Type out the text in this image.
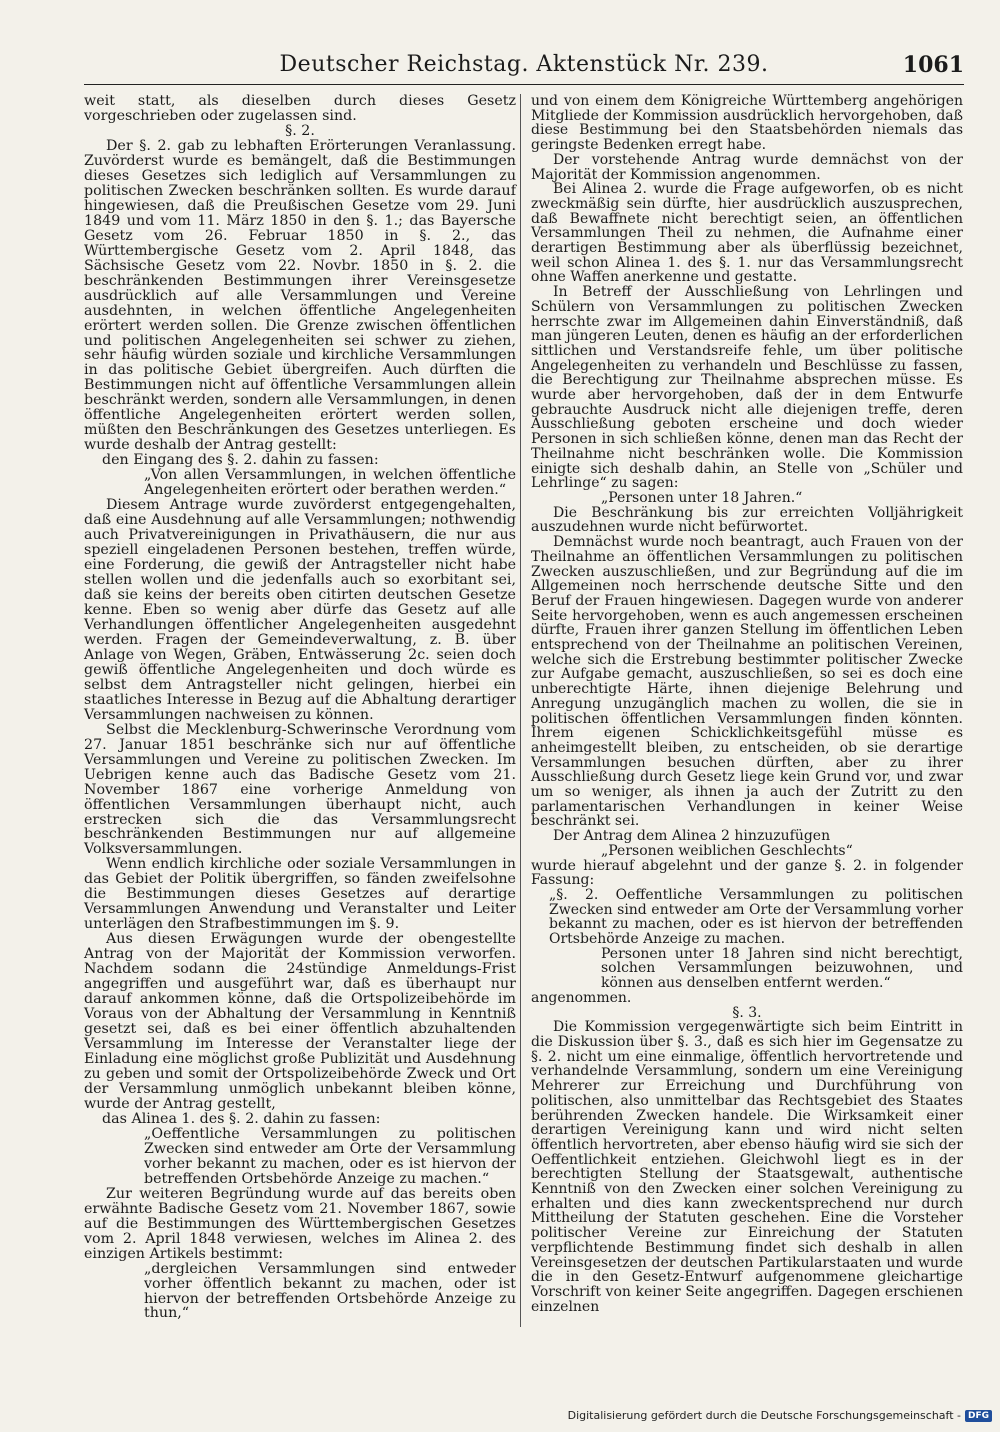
Deutscher Reichstag. Aktenstück Nr. 239.	1061

weit statt, als dieselben durch dieses Gesetz vorgeschrieben oder zugelassen sind.

§. 2.

Der §. 2. gab zu lebhaften Erörterungen Veranlassung. Zuvörderst wurde es bemängelt, daß die Bestimmungen dieses Gesetzes sich lediglich auf Versammlungen zu politischen Zwecken beschränken sollten. Es wurde darauf hingewiesen, daß die Preußischen Gesetze vom 29. Juni 1849 und vom 11. März 1850 in den §. 1.; das Bayersche Gesetz vom 26. Februar 1850 in §. 2., das Württembergische Gesetz vom 2. April 1848, das Sächsische Gesetz vom 22. Novbr. 1850 in §. 2. die beschränkenden Bestimmungen ihrer Vereinsgesetze ausdrücklich auf alle Versammlungen und Vereine ausdehnten, in welchen öffentliche Angelegenheiten erörtert werden sollen. Die Grenze zwischen öffentlichen und politischen Angelegenheiten sei schwer zu ziehen, sehr häufig würden soziale und kirchliche Versammlungen in das politische Gebiet übergreifen. Auch dürften die Bestimmungen nicht auf öffentliche Versammlungen allein beschränkt werden, sondern alle Versammlungen, in denen öffentliche Angelegenheiten erörtert werden sollen, müßten den Beschränkungen des Gesetzes unterliegen. Es wurde deshalb der Antrag gestellt:

den Eingang des §. 2. dahin zu fassen:

„Von allen Versammlungen, in welchen öffentliche Angelegenheiten erörtert oder berathen werden.“

Diesem Antrage wurde zuvörderst entgegengehalten, daß eine Ausdehnung auf alle Versammlungen; nothwendig auch Privatvereinigungen in Privathäusern, die nur aus speziell eingeladenen Personen bestehen, treffen würde, eine Forderung, die gewiß der Antragsteller nicht habe stellen wollen und die jedenfalls auch so exorbitant sei, daß sie keins der bereits oben citirten deutschen Gesetze kenne. Eben so wenig aber dürfe das Gesetz auf alle Verhandlungen öffentlicher Angelegenheiten ausgedehnt werden. Fragen der Gemeindeverwaltung, z. B. über Anlage von Wegen, Gräben, Entwässerung 2c. seien doch gewiß öffentliche Angelegenheiten und doch würde es selbst dem Antragsteller nicht gelingen, hierbei ein staatliches Interesse in Bezug auf die Abhaltung derartiger Versammlungen nachweisen zu können.

Selbst die Mecklenburg-Schwerinsche Verordnung vom 27. Januar 1851 beschränke sich nur auf öffentliche Versammlungen und Vereine zu politischen Zwecken. Im Uebrigen kenne auch das Badische Gesetz vom 21. November 1867 eine vorherige Anmeldung von öffentlichen Versammlungen überhaupt nicht, auch erstrecken sich die das Versammlungsrecht beschränkenden Bestimmungen nur auf allgemeine Volksversammlungen.

Wenn endlich kirchliche oder soziale Versammlungen in das Gebiet der Politik übergriffen, so fänden zweifelsohne die Bestimmungen dieses Gesetzes auf derartige Versammlungen Anwendung und Veranstalter und Leiter unterlägen den Strafbestimmungen im §. 9.

Aus diesen Erwägungen wurde der obengestellte Antrag von der Majorität der Kommission verworfen. Nachdem sodann die 24stündige Anmeldungs-Frist angegriffen und ausgeführt war, daß es überhaupt nur darauf ankommen könne, daß die Ortspolizeibehörde im Voraus von der Abhaltung der Versammlung in Kenntniß gesetzt sei, daß es bei einer öffentlich abzuhaltenden Versammlung im Interesse der Veranstalter liege der Einladung eine möglichst große Publizität und Ausdehnung zu geben und somit der Ortspolizeibehörde Zweck und Ort der Versammlung unmöglich unbekannt bleiben könne, wurde der Antrag gestellt,

das Alinea 1. des §. 2. dahin zu fassen:

„Oeffentliche Versammlungen zu politischen Zwecken sind entweder am Orte der Versammlung vorher bekannt zu machen, oder es ist hiervon der betreffenden Ortsbehörde Anzeige zu machen.“

Zur weiteren Begründung wurde auf das bereits oben erwähnte Badische Gesetz vom 21. November 1867, sowie auf die Bestimmungen des Württembergischen Gesetzes vom 2. April 1848 verwiesen, welches im Alinea 2. des einzigen Artikels bestimmt:

„dergleichen Versammlungen sind entweder vorher öffentlich bekannt zu machen, oder ist hiervon der betreffenden Ortsbehörde Anzeige zu thun,“

und von einem dem Königreiche Württemberg angehörigen Mitgliede der Kommission ausdrücklich hervorgehoben, daß diese Bestimmung bei den Staatsbehörden niemals das geringste Bedenken erregt habe.

Der vorstehende Antrag wurde demnächst von der Majorität der Kommission angenommen.

Bei Alinea 2. wurde die Frage aufgeworfen, ob es nicht zweckmäßig sein dürfte, hier ausdrücklich auszusprechen, daß Bewaffnete nicht berechtigt seien, an öffentlichen Versammlungen Theil zu nehmen, die Aufnahme einer derartigen Bestimmung aber als überflüssig bezeichnet, weil schon Alinea 1. des §. 1. nur das Versammlungsrecht ohne Waffen anerkenne und gestatte.

In Betreff der Ausschließung von Lehrlingen und Schülern von Versammlungen zu politischen Zwecken herrschte zwar im Allgemeinen dahin Einverständniß, daß man jüngeren Leuten, denen es häufig an der erforderlichen sittlichen und Verstandsreife fehle, um über politische Angelegenheiten zu verhandeln und Beschlüsse zu fassen, die Berechtigung zur Theilnahme absprechen müsse. Es wurde aber hervorgehoben, daß der in dem Entwurfe gebrauchte Ausdruck nicht alle diejenigen treffe, deren Ausschließung geboten erscheine und doch wieder Personen in sich schließen könne, denen man das Recht der Theilnahme nicht beschränken wolle. Die Kommission einigte sich deshalb dahin, an Stelle von „Schüler und Lehrlinge“ zu sagen:

„Personen unter 18 Jahren.“

Die Beschränkung bis zur erreichten Volljährigkeit auszudehnen wurde nicht befürwortet.

Demnächst wurde noch beantragt, auch Frauen von der Theilnahme an öffentlichen Versammlungen zu politischen Zwecken auszuschließen, und zur Begründung auf die im Allgemeinen noch herrschende deutsche Sitte und den Beruf der Frauen hingewiesen. Dagegen wurde von anderer Seite hervorgehoben, wenn es auch angemessen erscheinen dürfte, Frauen ihrer ganzen Stellung im öffentlichen Leben entsprechend von der Theilnahme an politischen Vereinen, welche sich die Erstrebung bestimmter politischer Zwecke zur Aufgabe gemacht, auszuschließen, so sei es doch eine unberechtigte Härte, ihnen diejenige Belehrung und Anregung unzugänglich machen zu wollen, die sie in politischen öffentlichen Versammlungen finden könnten. Ihrem eigenen Schicklichkeitsgefühl müsse es anheimgestellt bleiben, zu entscheiden, ob sie derartige Versammlungen besuchen dürften, aber zu ihrer Ausschließung durch Gesetz liege kein Grund vor, und zwar um so weniger, als ihnen ja auch der Zutritt zu den parlamentarischen Verhandlungen in keiner Weise beschränkt sei.

Der Antrag dem Alinea 2 hinzuzufügen

„Personen weiblichen Geschlechts“

wurde hierauf abgelehnt und der ganze §. 2. in folgender Fassung:

„§. 2. Oeffentliche Versammlungen zu politischen Zwecken sind entweder am Orte der Versammlung vorher bekannt zu machen, oder es ist hiervon der betreffenden Ortsbehörde Anzeige zu machen.

Personen unter 18 Jahren sind nicht berechtigt, solchen Versammlungen beizuwohnen, und können aus denselben entfernt werden.“

angenommen.

§. 3.

Die Kommission vergegenwärtigte sich beim Eintritt in die Diskussion über §. 3., daß es sich hier im Gegensatze zu §. 2. nicht um eine einmalige, öffentlich hervortretende und verhandelnde Versammlung, sondern um eine Vereinigung Mehrerer zur Erreichung und Durchführung von politischen, also unmittelbar das Rechtsgebiet des Staates berührenden Zwecken handele. Die Wirksamkeit einer derartigen Vereinigung kann und wird nicht selten öffentlich hervortreten, aber ebenso häufig wird sie sich der Oeffentlichkeit entziehen. Gleichwohl liegt es in der berechtigten Stellung der Staatsgewalt, authentische Kenntniß von den Zwecken einer solchen Vereinigung zu erhalten und dies kann zweckentsprechend nur durch Mittheilung der Statuten geschehen. Eine die Vorsteher politischer Vereine zur Einreichung der Statuten verpflichtende Bestimmung findet sich deshalb in allen Vereinsgesetzen der deutschen Partikularstaaten und wurde die in den Gesetz-Entwurf aufgenommene gleichartige Vorschrift von keiner Seite angegriffen. Dagegen erschienen einzelnen

Digitalisierung gefördert durch die Deutsche Forschungsgemeinschaft - DFG
